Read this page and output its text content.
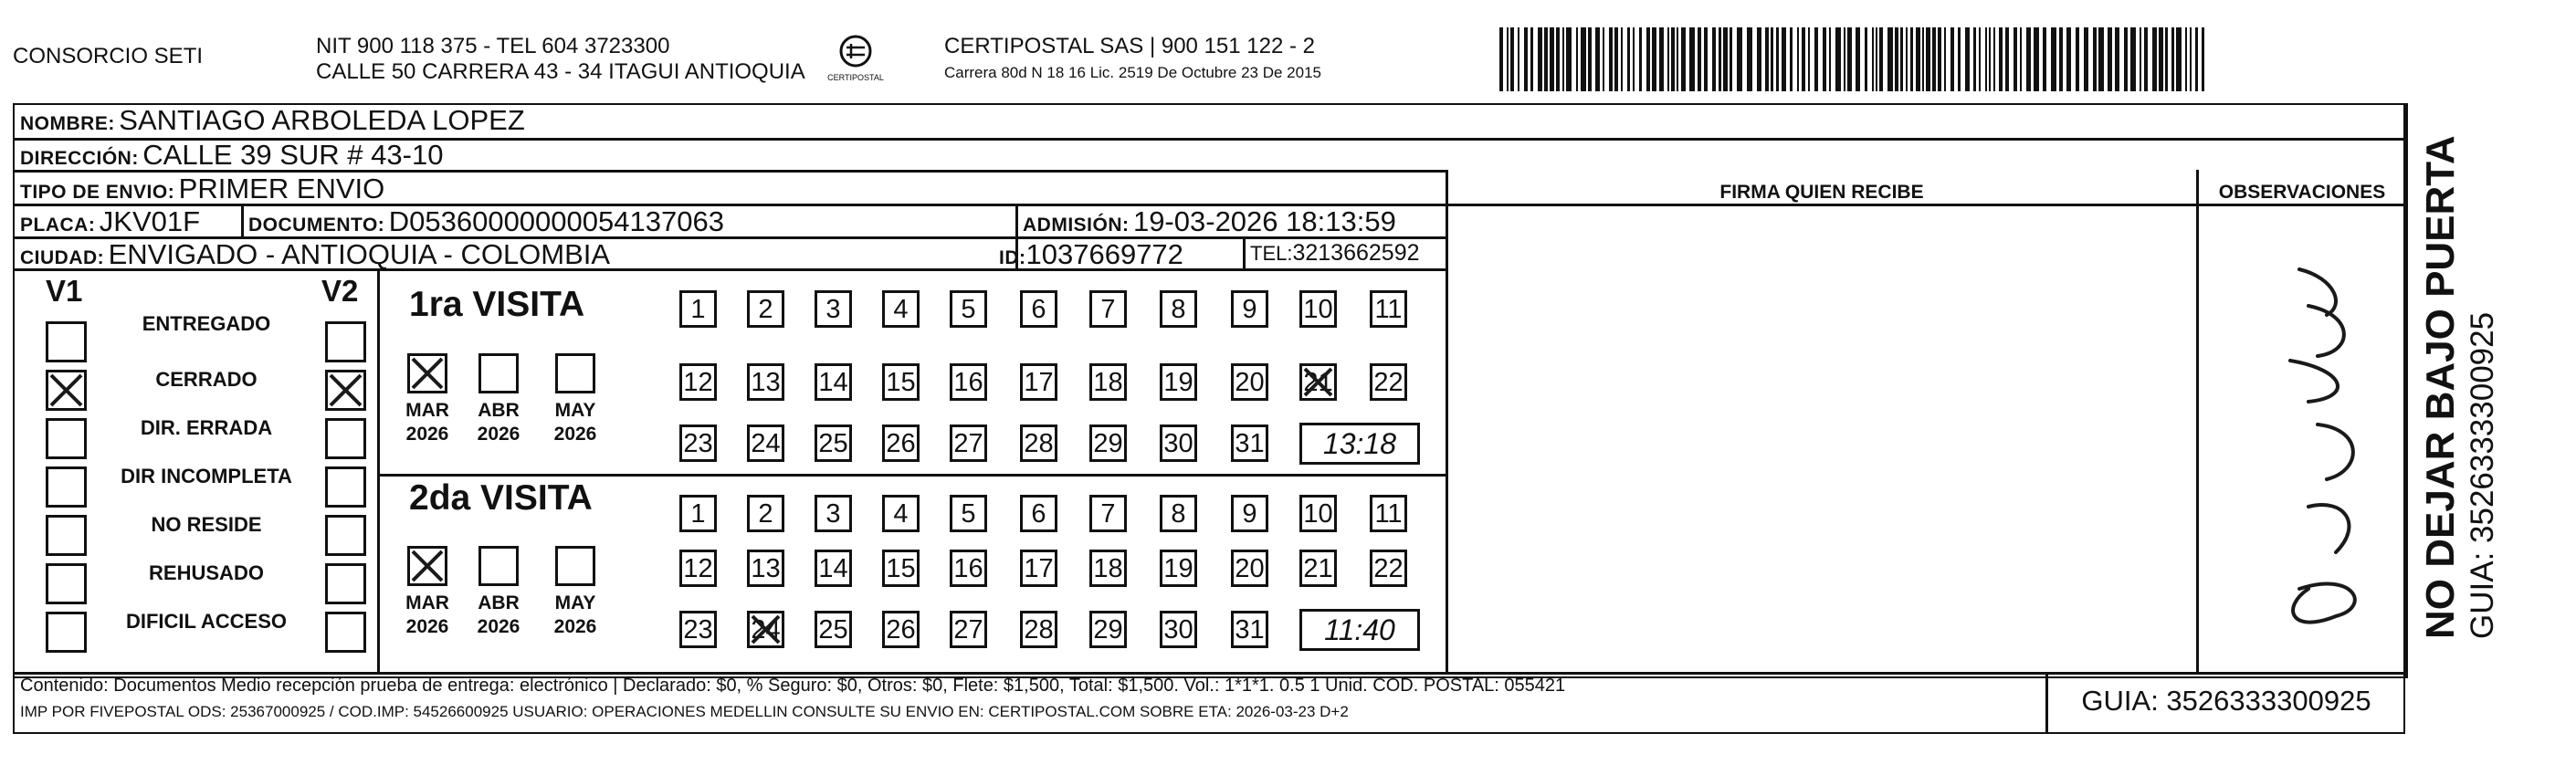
CONSORCIO SETI	NIT 900 118 375 - TEL 604 3723300
CALLE 50 CARRERA 43 - 34 ITAGUI ANTIOQUIA	CERTIPOSTAL
CERTIPOSTAL SAS | 900 151 122 - 2
Carrera 80d N 18 16 Lic. 2519 De Octubre 23 De 2015
NOMBRE: SANTIAGO ARBOLEDA LOPEZ
DIRECCIÓN: CALLE 39 SUR # 43-10
TIPO DE ENVIO: PRIMER ENVIO
PLACA: JKV01F	DOCUMENTO: D05360000000054137063	ADMISIÓN: 19-03-2026 18:13:59
CIUDAD: ENVIGADO - ANTIOQUIA - COLOMBIA	ID:1037669772	TEL:3213662592
FIRMA QUIEN RECIBE	OBSERVACIONES NO DEJAR BAJO PUERTA GUIA: 3526333300925
V1	V2
ENTREGADO
CERRADO
DIR. ERRADA
DIR INCOMPLETA
NO RESIDE
REHUSADO
DIFICIL ACCESO
1ra VISITA
MAR
2026
ABR
2026
MAY
2026
1	2	3	4	5	6	7	8	9	10 11
12 13 14 15 16 17 18 19 20 21 22
23 24 25 26 27 28 29 30 31	13:18
2da VISITA
MAR
2026
ABR
2026
MAY
2026
1	2	3	4	5	6	7	8	9	10 11
12 13 14 15 16 17 18 19 20 21 22
23 24 25 26 27 28 29 30 31	11:40
Contenido: Documentos Medio recepción prueba de entrega: electrónico | Declarado: $0, % Seguro: $0, Otros: $0, Flete: $1,500, Total: $1,500. Vol.: 1*1*1. 0.5 1 Unid. COD. POSTAL: 055421
IMP POR FIVEPOSTAL ODS: 25367000925 / COD.IMP: 54526600925 USUARIO: OPERACIONES MEDELLIN CONSULTE SU ENVIO EN: CERTIPOSTAL.COM SOBRE ETA: 2026-03-23 D+2	GUIA: 3526333300925
